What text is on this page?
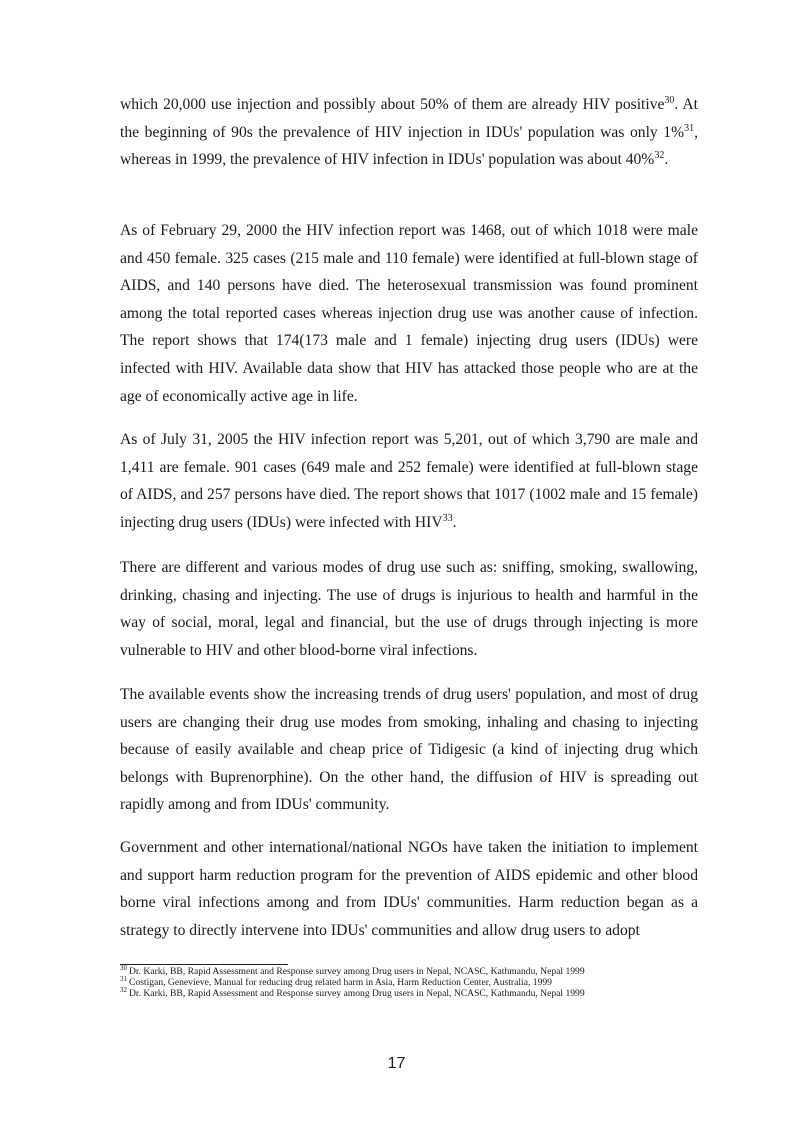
which 20,000 use injection and possibly about 50% of them are already HIV positive$^{30}$. At the beginning of 90s the prevalence of HIV injection in IDUs' population was only 1%$^{31}$, whereas in 1999, the prevalence of HIV infection in IDUs' population was about 40%$^{32}$.

As of February 29, 2000 the HIV infection report was 1468, out of which 1018 were male and 450 female. 325 cases (215 male and 110 female) were identified at full-blown stage of AIDS, and 140 persons have died. The heterosexual transmission was found prominent among the total reported cases whereas injection drug use was another cause of infection. The report shows that 174(173 male and 1 female) injecting drug users (IDUs) were infected with HIV. Available data show that HIV has attacked those people who are at the age of economically active age in life.

As of July 31, 2005 the HIV infection report was 5,201, out of which 3,790 are male and 1,411 are female. 901 cases (649 male and 252 female) were identified at full-blown stage of AIDS, and 257 persons have died. The report shows that 1017 (1002 male and 15 female) injecting drug users (IDUs) were infected with HIV$^{33}$.

There are different and various modes of drug use such as: sniffing, smoking, swallowing, drinking, chasing and injecting. The use of drugs is injurious to health and harmful in the way of social, moral, legal and financial, but the use of drugs through injecting is more vulnerable to HIV and other blood-borne viral infections.

The available events show the increasing trends of drug users' population, and most of drug users are changing their drug use modes from smoking, inhaling and chasing to injecting because of easily available and cheap price of Tidigesic (a kind of injecting drug which belongs with Buprenorphine). On the other hand, the diffusion of HIV is spreading out rapidly among and from IDUs' community.

Government and other international/national NGOs have taken the initiation to implement and support harm reduction program for the prevention of AIDS epidemic and other blood borne viral infections among and from IDUs' communities. Harm reduction began as a strategy to directly intervene into IDUs' communities and allow drug users to adopt

$^{30}$ Dr. Karki, BB, Rapid Assessment and Response survey among Drug users in Nepal, NCASC, Kathmandu, Nepal 1999
$^{31}$ Costigan, Genevieve, Manual for reducing drug related harm in Asia, Harm Reduction Center, Australia, 1999
$^{32}$ Dr. Karki, BB, Rapid Assessment and Response survey among Drug users in Nepal, NCASC, Kathmandu, Nepal 1999
17
